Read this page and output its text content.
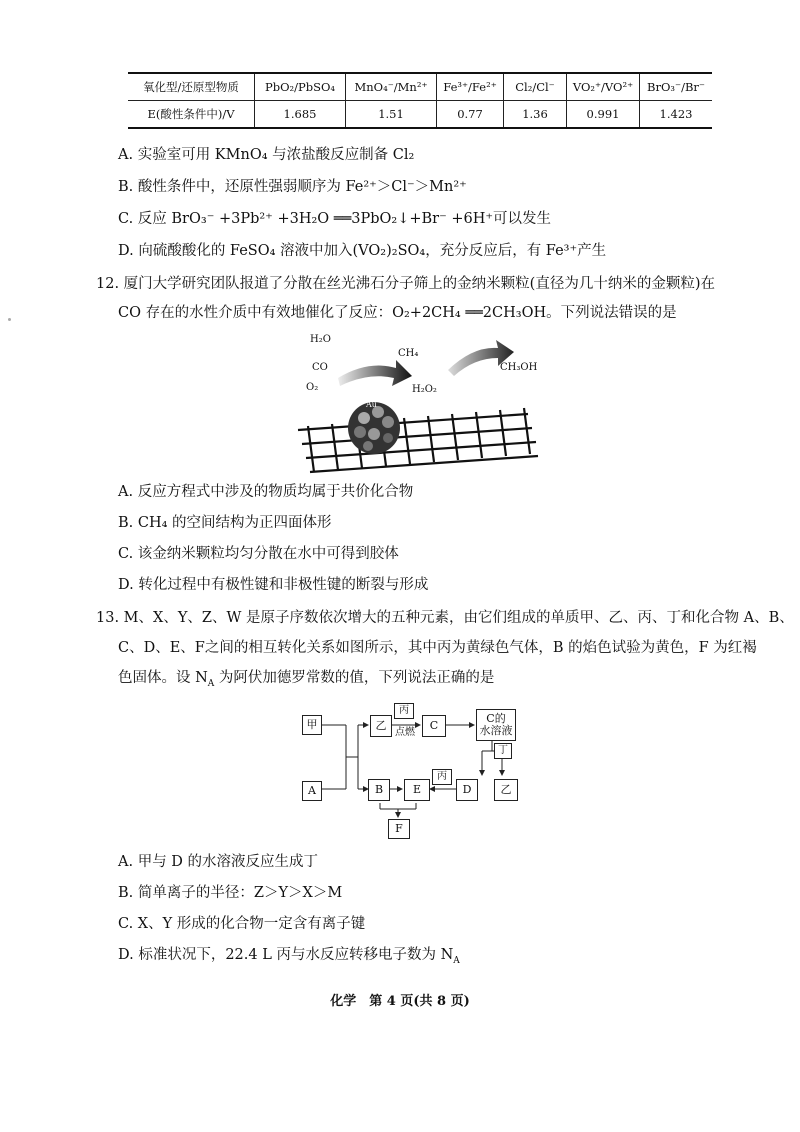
氧化型/还原型物质	PbO₂/PbSO₄	MnO₄⁻/Mn²⁺	Fe³⁺/Fe²⁺	Cl₂/Cl⁻	VO₂⁺/VO²⁺	BrO₃⁻/Br⁻
E(酸性条件中)/V	1.685	1.51	0.77	1.36	0.991	1.423
A. 实验室可用 KMnO₄ 与浓盐酸反应制备 Cl₂
B. 酸性条件中，还原性强弱顺序为 Fe²⁺＞Cl⁻＞Mn²⁺
C. 反应 BrO₃⁻ +3Pb²⁺ +3H₂O ══3PbO₂↓+Br⁻ +6H⁺可以发生
D. 向硫酸酸化的 FeSO₄ 溶液中加入(VO₂)₂SO₄，充分反应后，有 Fe³⁺产生
12. 厦门大学研究团队报道了分散在丝光沸石分子筛上的金纳米颗粒(直径为几十纳米的金颗粒)在
CO 存在的水性介质中有效地催化了反应：O₂+2CH₄ ══2CH₃OH。下列说法错误的是
H₂O
CO
O₂
CH₄
H₂O₂
CH₃OH
Au
A. 反应方程式中涉及的物质均属于共价化合物
B. CH₄ 的空间结构为正四面体形
C. 该金纳米颗粒均匀分散在水中可得到胶体
D. 转化过程中有极性键和非极性键的断裂与形成
13. M、X、Y、Z、W 是原子序数依次增大的五种元素，由它们组成的单质甲、乙、丙、丁和化合物 A、B、
C、D、E、F之间的相互转化关系如图所示，其中丙为黄绿色气体，B 的焰色试验为黄色，F 为红褐
色固体。设 $N_A$ 为阿伏加德罗常数的值，下列说法正确的是
甲
A
乙
丙
点燃
C
C的
水溶液
丁
B	E
丙
D	乙
F
A. 甲与 D 的水溶液反应生成丁
B. 简单离子的半径：Z＞Y＞X＞M
C. X、Y 形成的化合物一定含有离子键
D. 标准状况下，22.4 L 丙与水反应转移电子数为 $N_A$
化学　第 4 页(共 8 页)
